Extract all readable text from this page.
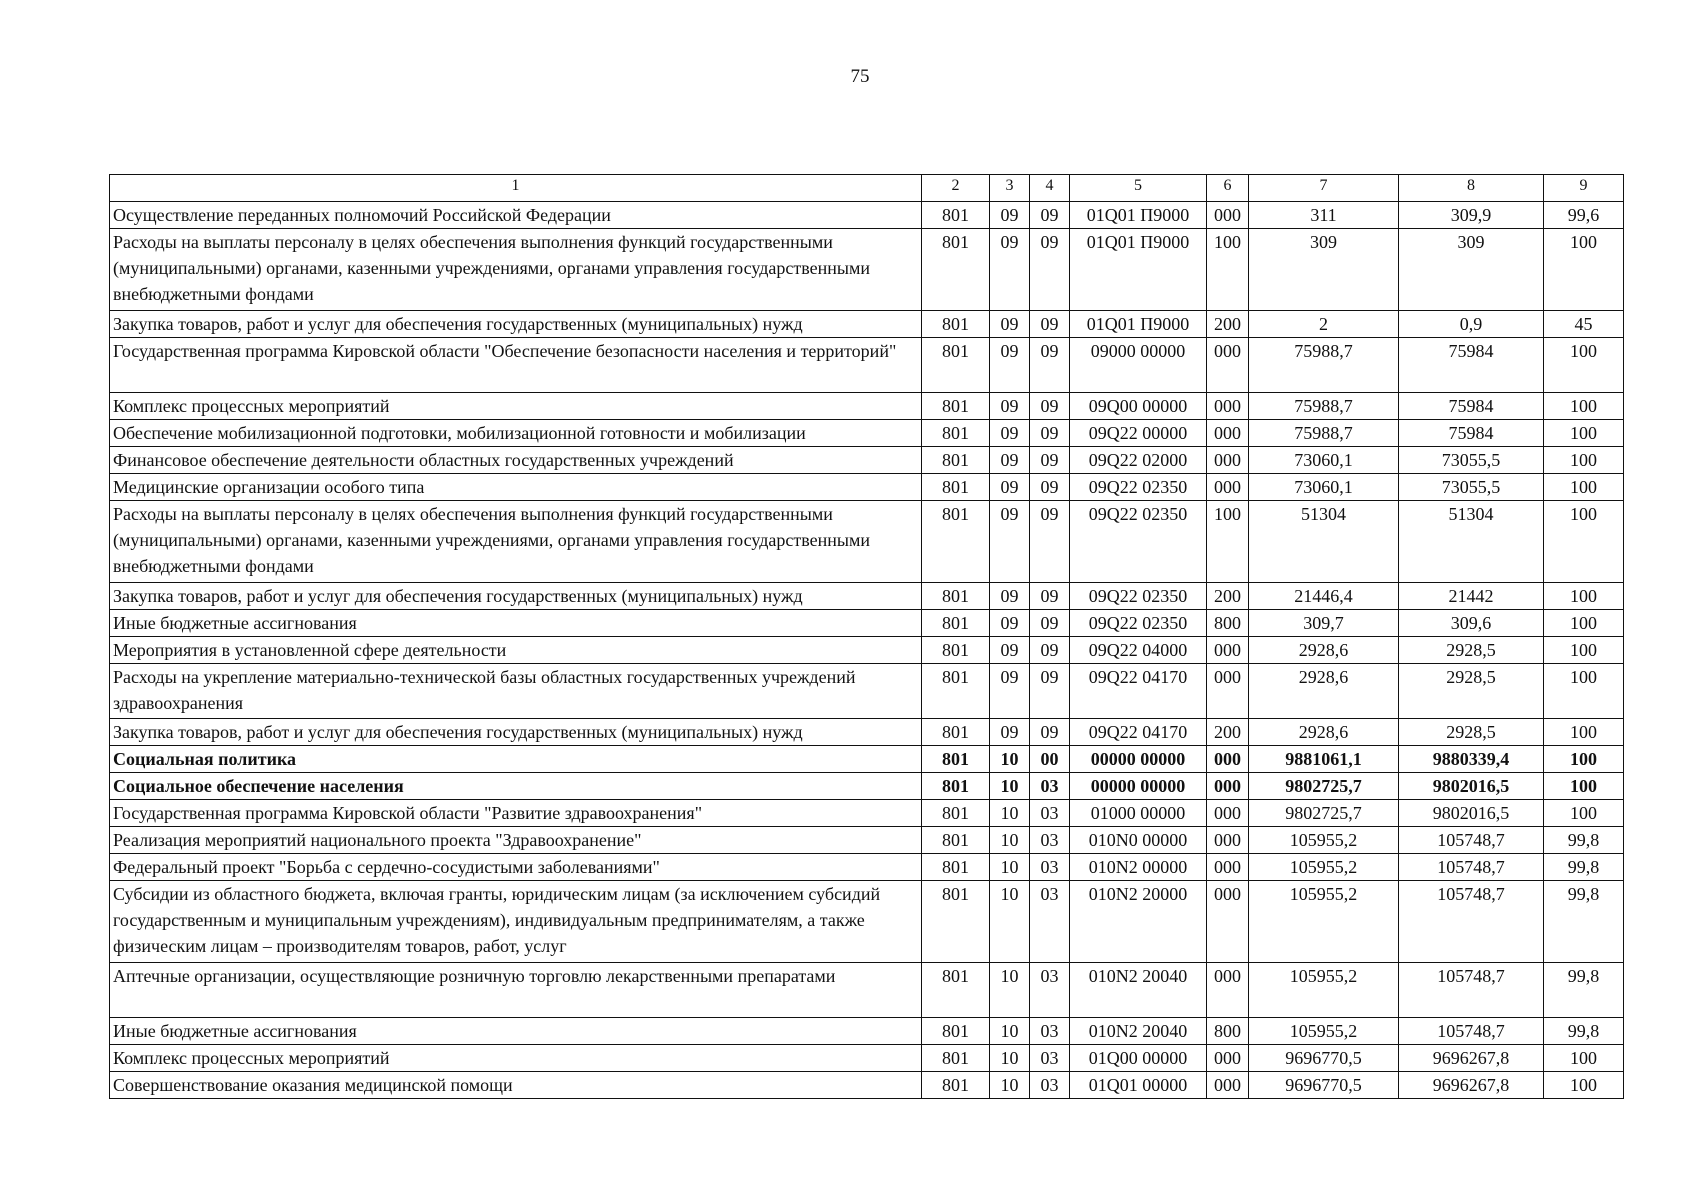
75
1	2	3	4	5	6	7	8	9
Осуществление переданных полномочий Российской Федерации	801	09	09	01Q01 П9000	000	311	309,9	99,6
Расходы на выплаты персоналу в целях обеспечения выполнения функций государственными (муниципальными) органами, казенными учреждениями, органами управления государственными внебюджетными фондами	801	09	09	01Q01 П9000	100	309	309	100
Закупка товаров, работ и услуг для обеспечения государственных (муниципальных) нужд	801	09	09	01Q01 П9000	200	2	0,9	45
Государственная программа Кировской области "Обеспечение безопасности населения и территорий"	801	09	09	09000 00000	000	75988,7	75984	100
Комплекс процессных мероприятий	801	09	09	09Q00 00000	000	75988,7	75984	100
Обеспечение мобилизационной подготовки, мобилизационной готовности и мобилизации	801	09	09	09Q22 00000	000	75988,7	75984	100
Финансовое обеспечение деятельности областных государственных учреждений	801	09	09	09Q22 02000	000	73060,1	73055,5	100
Медицинские организации особого типа	801	09	09	09Q22 02350	000	73060,1	73055,5	100
Расходы на выплаты персоналу в целях обеспечения выполнения функций государственными (муниципальными) органами, казенными учреждениями, органами управления государственными внебюджетными фондами	801	09	09	09Q22 02350	100	51304	51304	100
Закупка товаров, работ и услуг для обеспечения государственных (муниципальных) нужд	801	09	09	09Q22 02350	200	21446,4	21442	100
Иные бюджетные ассигнования	801	09	09	09Q22 02350	800	309,7	309,6	100
Мероприятия в установленной сфере деятельности	801	09	09	09Q22 04000	000	2928,6	2928,5	100
Расходы на укрепление материально-технической базы областных государственных учреждений здравоохранения	801	09	09	09Q22 04170	000	2928,6	2928,5	100
Закупка товаров, работ и услуг для обеспечения государственных (муниципальных) нужд	801	09	09	09Q22 04170	200	2928,6	2928,5	100
Социальная политика	801	10	00	00000 00000	000	9881061,1	9880339,4	100
Социальное обеспечение населения	801	10	03	00000 00000	000	9802725,7	9802016,5	100
Государственная программа Кировской области "Развитие здравоохранения"	801	10	03	01000 00000	000	9802725,7	9802016,5	100
Реализация мероприятий национального проекта "Здравоохранение"	801	10	03	010N0 00000	000	105955,2	105748,7	99,8
Федеральный проект "Борьба с сердечно-сосудистыми заболеваниями"	801	10	03	010N2 00000	000	105955,2	105748,7	99,8
Субсидии из областного бюджета, включая гранты, юридическим лицам (за исключением субсидий государственным и муниципальным учреждениям), индивидуальным предпринимателям, а также физическим лицам – производителям товаров, работ, услуг	801	10	03	010N2 20000	000	105955,2	105748,7	99,8
Аптечные организации, осуществляющие розничную торговлю лекарственными препаратами	801	10	03	010N2 20040	000	105955,2	105748,7	99,8
Иные бюджетные ассигнования	801	10	03	010N2 20040	800	105955,2	105748,7	99,8
Комплекс процессных мероприятий	801	10	03	01Q00 00000	000	9696770,5	9696267,8	100
Совершенствование оказания медицинской помощи	801	10	03	01Q01 00000	000	9696770,5	9696267,8	100
